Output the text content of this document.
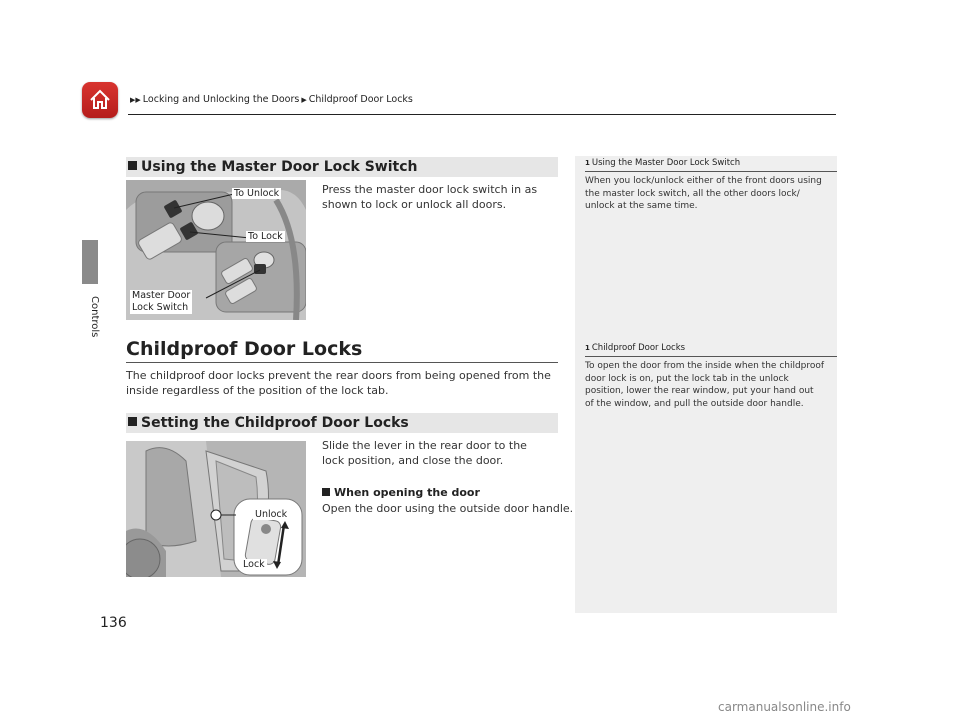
▶▶ Locking and Unlocking the Doors ▶ Childproof Door Locks
Controls
Using the Master Door Lock Switch
To Unlock
To Lock
Master Door
Lock Switch
Press the master door lock switch in as shown to lock or unlock all doors.
Childproof Door Locks
The childproof door locks prevent the rear doors from being opened from the inside regardless of the position of the lock tab.
Setting the Childproof Door Locks
Unlock
Lock
Slide the lever in the rear door to the lock position, and close the door.
When opening the door
Open the door using the outside door handle.
1 Using the Master Door Lock Switch
When you lock/unlock either of the front doors using the master lock switch, all the other doors lock/ unlock at the same time.
1 Childproof Door Locks
To open the door from the inside when the childproof door lock is on, put the lock tab in the unlock position, lower the rear window, put your hand out of the window, and pull the outside door handle.
136
carmanualsonline.info
